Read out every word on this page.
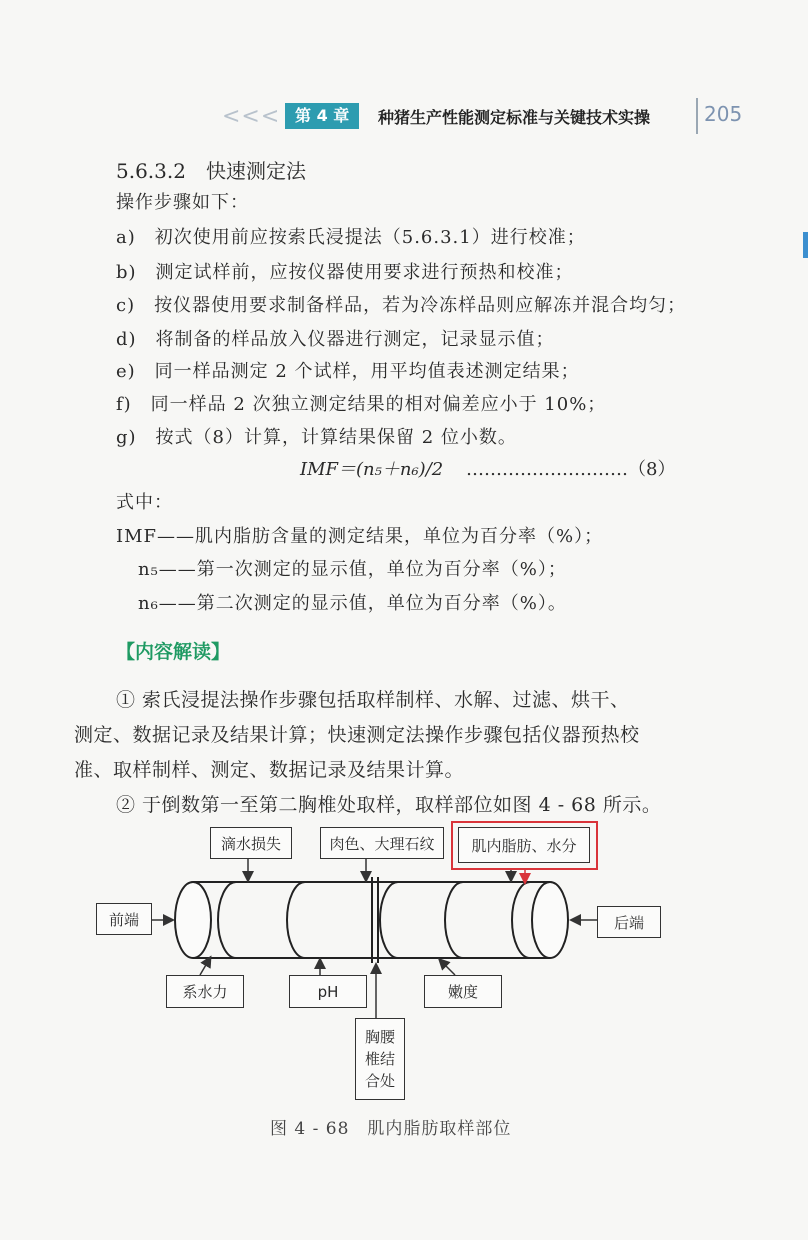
<<< 第 4 章	种猪生产性能测定标准与关键技术实操	205
5.6.3.2　快速测定法
操作步骤如下：
a)　初次使用前应按索氏浸提法（5.6.3.1）进行校准；
b)　测定试样前，应按仪器使用要求进行预热和校准；
c)　按仪器使用要求制备样品，若为冷冻样品则应解冻并混合均匀；
d)　将制备的样品放入仪器进行测定，记录显示值；
e)　同一样品测定 2 个试样，用平均值表述测定结果；
f)　同一样品 2 次独立测定结果的相对偏差应小于 10%；
g)　按式（8）计算，计算结果保留 2 位小数。
IMF＝(n₅＋n₆)/2 ………………………（8）
式中：
IMF——肌内脂肪含量的测定结果，单位为百分率（%）；
n₅——第一次测定的显示值，单位为百分率（%）；
n₆——第二次测定的显示值，单位为百分率（%）。
【内容解读】
① 索氏浸提法操作步骤包括取样制样、水解、过滤、烘干、
测定、数据记录及结果计算；快速测定法操作步骤包括仪器预热校
准、取样制样、测定、数据记录及结果计算。
② 于倒数第一至第二胸椎处取样，取样部位如图 4 - 68 所示。
滴水损失	肉色、大理石纹	肌内脂肪、水分
前端	后端
系水力	pH	嫩度
胸腰椎结合处
图 4 - 68　肌内脂肪取样部位
